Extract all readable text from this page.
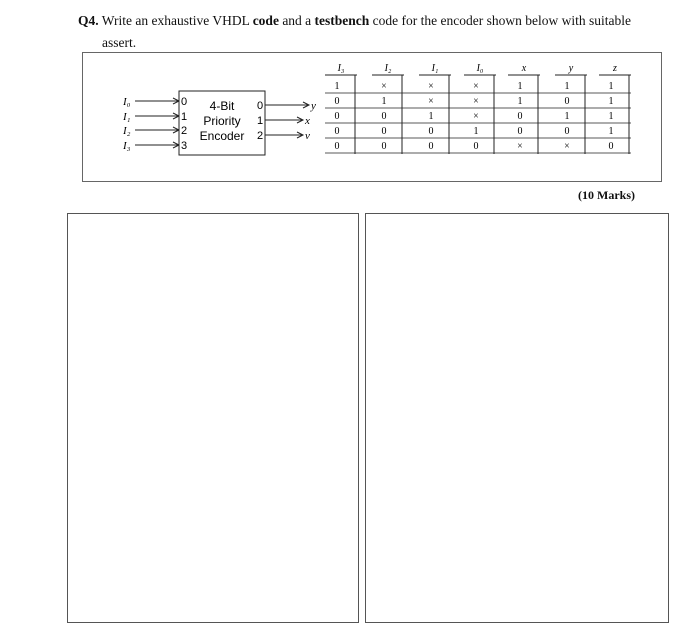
Q4. Write an exhaustive VHDL code and a testbench code for the encoder shown below with suitable
assert.
I₀
I₁
I₂
I₃
0
1
2
3
0
1
2
4-Bit
Priority
Encoder
y
x
v
I₃	I₂	I₁	I₀	x	y	z
1	×	×	×	1	1	1
0	1	×	×	1	0	1
0	0	1	×	0	1	1
0	0	0	1	0	0	1
0	0	0	0	×	×	0
(10 Marks)
